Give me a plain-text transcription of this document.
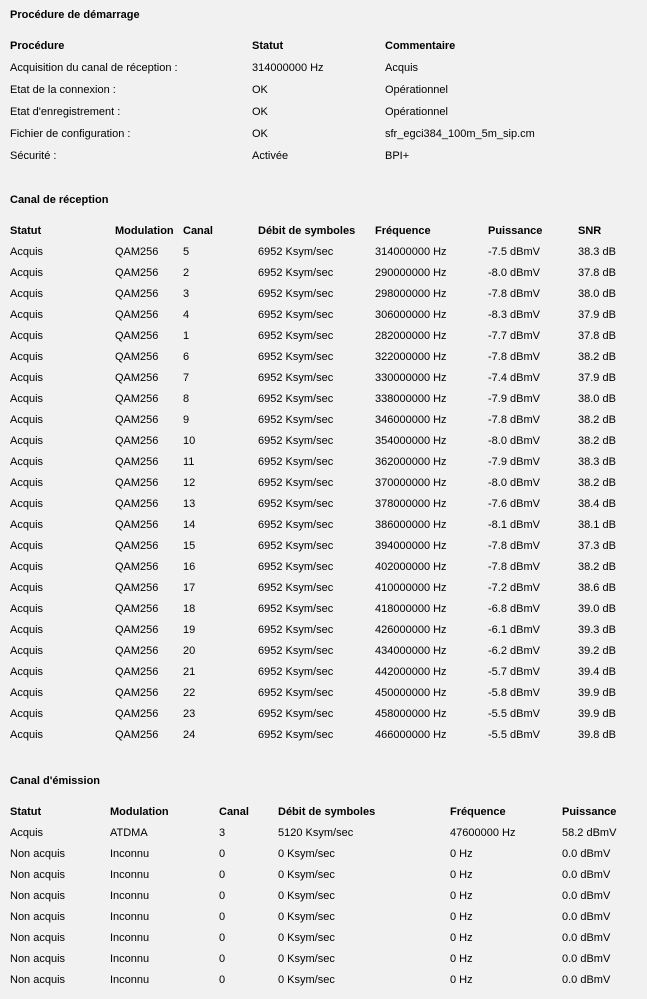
Procédure de démarrage
Procédure	Statut	Commentaire
Acquisition du canal de réception :	314000000 Hz	Acquis
Etat de la connexion :	OK	Opérationnel
Etat d'enregistrement :	OK	Opérationnel
Fichier de configuration :	OK	sfr_egci384_100m_5m_sip.cm
Sécurité :	Activée	BPI+
Canal de réception
Statut	Modulation	Canal	Débit de symboles	Fréquence	Puissance	SNR
Acquis	QAM256	5	6952 Ksym/sec	314000000 Hz	-7.5 dBmV	38.3 dB
Acquis	QAM256	2	6952 Ksym/sec	290000000 Hz	-8.0 dBmV	37.8 dB
Acquis	QAM256	3	6952 Ksym/sec	298000000 Hz	-7.8 dBmV	38.0 dB
Acquis	QAM256	4	6952 Ksym/sec	306000000 Hz	-8.3 dBmV	37.9 dB
Acquis	QAM256	1	6952 Ksym/sec	282000000 Hz	-7.7 dBmV	37.8 dB
Acquis	QAM256	6	6952 Ksym/sec	322000000 Hz	-7.8 dBmV	38.2 dB
Acquis	QAM256	7	6952 Ksym/sec	330000000 Hz	-7.4 dBmV	37.9 dB
Acquis	QAM256	8	6952 Ksym/sec	338000000 Hz	-7.9 dBmV	38.0 dB
Acquis	QAM256	9	6952 Ksym/sec	346000000 Hz	-7.8 dBmV	38.2 dB
Acquis	QAM256	10	6952 Ksym/sec	354000000 Hz	-8.0 dBmV	38.2 dB
Acquis	QAM256	11	6952 Ksym/sec	362000000 Hz	-7.9 dBmV	38.3 dB
Acquis	QAM256	12	6952 Ksym/sec	370000000 Hz	-8.0 dBmV	38.2 dB
Acquis	QAM256	13	6952 Ksym/sec	378000000 Hz	-7.6 dBmV	38.4 dB
Acquis	QAM256	14	6952 Ksym/sec	386000000 Hz	-8.1 dBmV	38.1 dB
Acquis	QAM256	15	6952 Ksym/sec	394000000 Hz	-7.8 dBmV	37.3 dB
Acquis	QAM256	16	6952 Ksym/sec	402000000 Hz	-7.8 dBmV	38.2 dB
Acquis	QAM256	17	6952 Ksym/sec	410000000 Hz	-7.2 dBmV	38.6 dB
Acquis	QAM256	18	6952 Ksym/sec	418000000 Hz	-6.8 dBmV	39.0 dB
Acquis	QAM256	19	6952 Ksym/sec	426000000 Hz	-6.1 dBmV	39.3 dB
Acquis	QAM256	20	6952 Ksym/sec	434000000 Hz	-6.2 dBmV	39.2 dB
Acquis	QAM256	21	6952 Ksym/sec	442000000 Hz	-5.7 dBmV	39.4 dB
Acquis	QAM256	22	6952 Ksym/sec	450000000 Hz	-5.8 dBmV	39.9 dB
Acquis	QAM256	23	6952 Ksym/sec	458000000 Hz	-5.5 dBmV	39.9 dB
Acquis	QAM256	24	6952 Ksym/sec	466000000 Hz	-5.5 dBmV	39.8 dB
Canal d'émission
Statut	Modulation	Canal	Débit de symboles	Fréquence	Puissance
Acquis	ATDMA	3	5120 Ksym/sec	47600000 Hz	58.2 dBmV
Non acquis	Inconnu	0	0 Ksym/sec	0 Hz	0.0 dBmV
Non acquis	Inconnu	0	0 Ksym/sec	0 Hz	0.0 dBmV
Non acquis	Inconnu	0	0 Ksym/sec	0 Hz	0.0 dBmV
Non acquis	Inconnu	0	0 Ksym/sec	0 Hz	0.0 dBmV
Non acquis	Inconnu	0	0 Ksym/sec	0 Hz	0.0 dBmV
Non acquis	Inconnu	0	0 Ksym/sec	0 Hz	0.0 dBmV
Non acquis	Inconnu	0	0 Ksym/sec	0 Hz	0.0 dBmV
